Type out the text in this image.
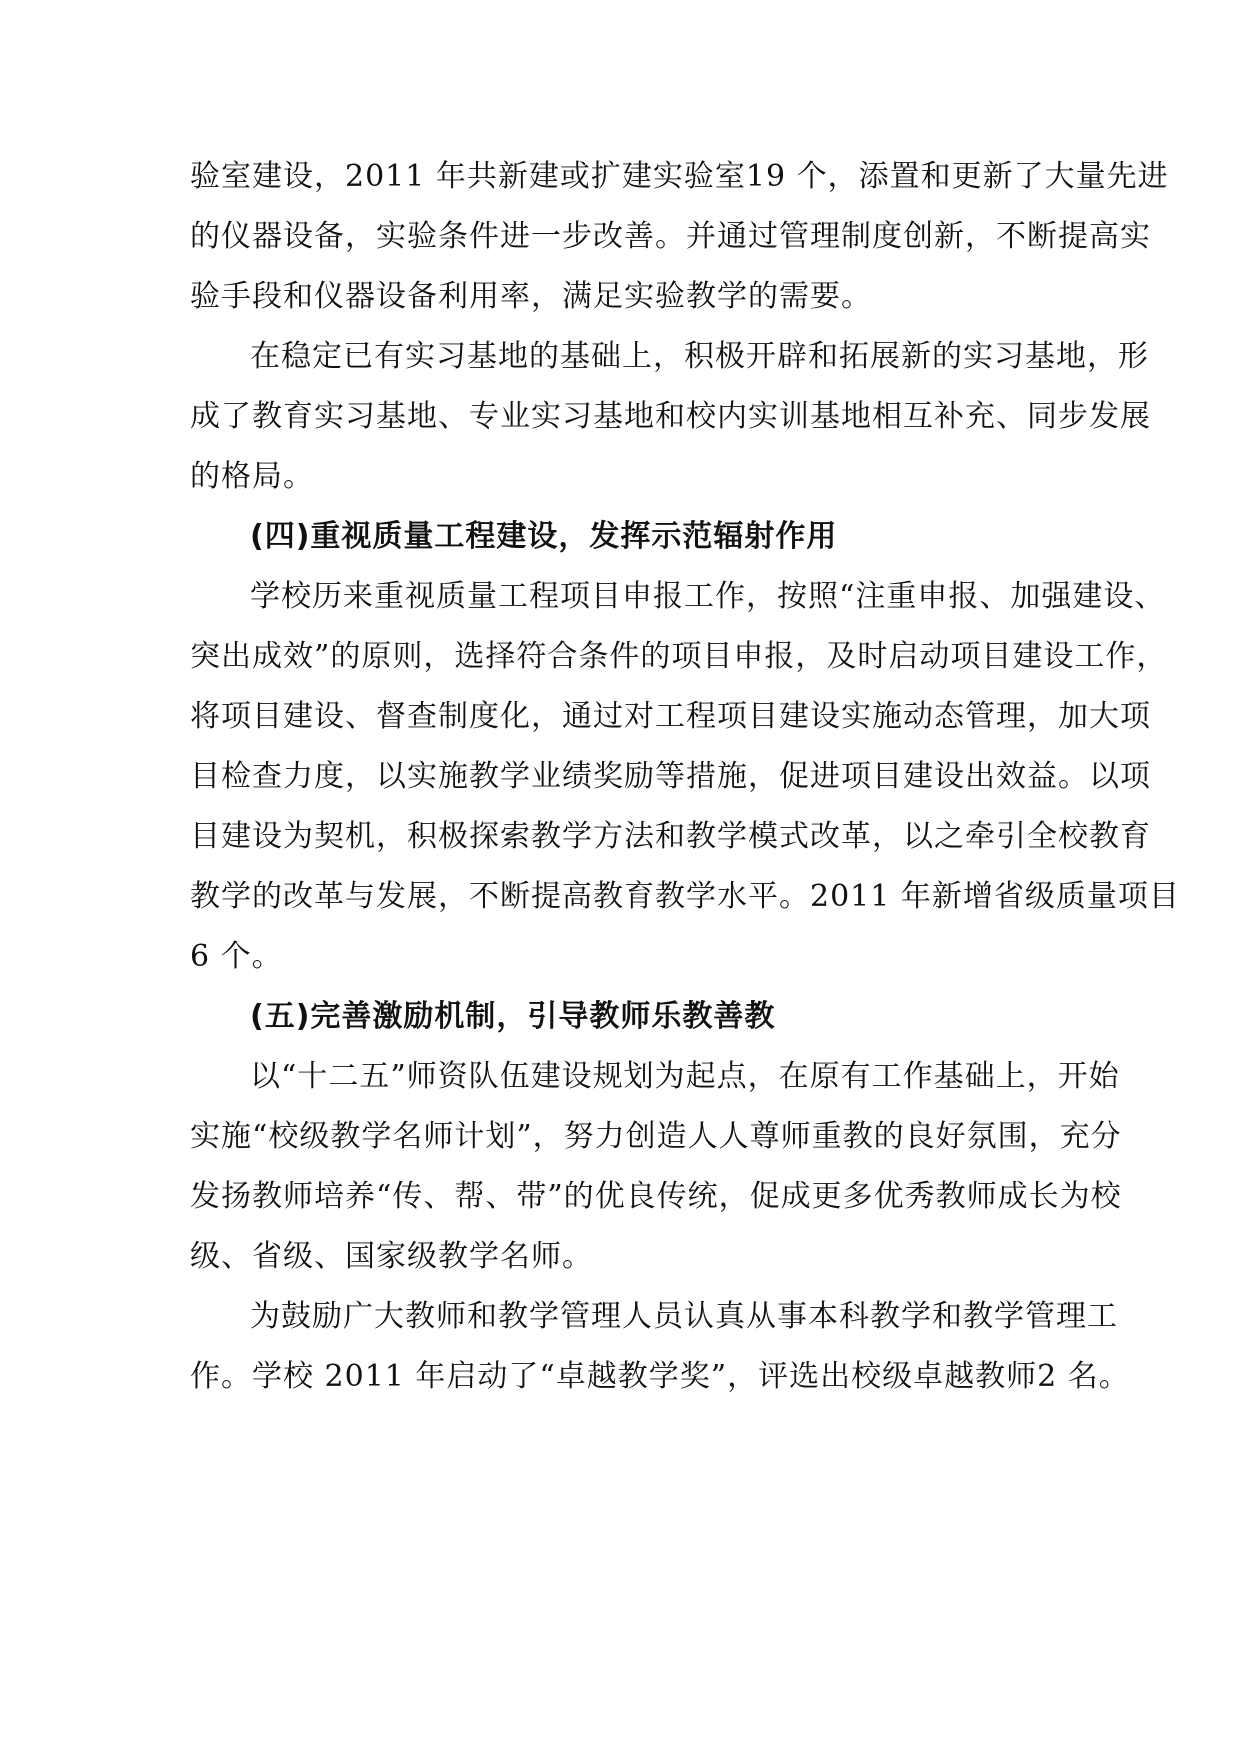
验室建设，2011 年共新建或扩建实验室19 个，添置和更新了大量先进
的仪器设备，实验条件进一步改善。并通过管理制度创新，不断提高实
验手段和仪器设备利用率，满足实验教学的需要。
在稳定已有实习基地的基础上，积极开辟和拓展新的实习基地，形
成了教育实习基地、专业实习基地和校内实训基地相互补充、同步发展
的格局。
(四)重视质量工程建设，发挥示范辐射作用
学校历来重视质量工程项目申报工作，按照“注重申报、加强建设、
突出成效”的原则，选择符合条件的项目申报，及时启动项目建设工作，
将项目建设、督查制度化，通过对工程项目建设实施动态管理，加大项
目检查力度，以实施教学业绩奖励等措施，促进项目建设出效益。以项
目建设为契机，积极探索教学方法和教学模式改革，以之牵引全校教育
教学的改革与发展，不断提高教育教学水平。2011 年新增省级质量项目
6 个。
(五)完善激励机制，引导教师乐教善教
以“十二五”师资队伍建设规划为起点，在原有工作基础上，开始
实施“校级教学名师计划”，努力创造人人尊师重教的良好氛围，充分
发扬教师培养“传、帮、带”的优良传统，促成更多优秀教师成长为校
级、省级、国家级教学名师。
为鼓励广大教师和教学管理人员认真从事本科教学和教学管理工
作。学校 2011 年启动了“卓越教学奖”，评选出校级卓越教师2 名。
